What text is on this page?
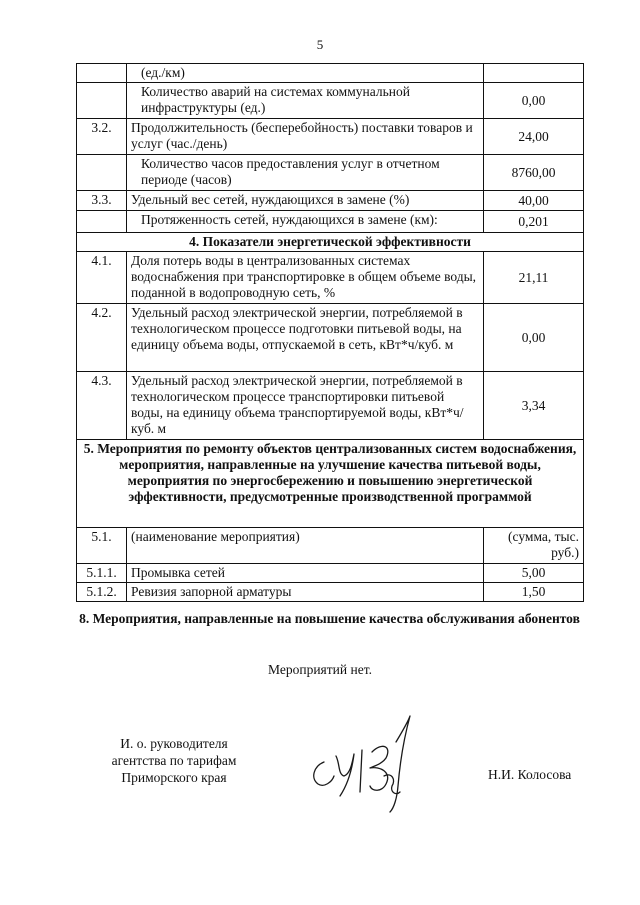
5
	(ед./км)	
	Количество аварий на системах коммунальной инфраструктуры (ед.)	0,00
3.2.	Продолжительность (бесперебойность) поставки товаров и услуг (час./день)	24,00
	Количество часов предоставления услуг в отчетном периоде (часов)	8760,00
3.3.	Удельный вес сетей, нуждающихся в замене (%)	40,00
	Протяженность сетей, нуждающихся в замене (км):	0,201
4. Показатели энергетической эффективности		
4.1.	Доля потерь воды в централизованных системах водоснабжения при транспортировке в общем объеме воды, поданной в водопроводную сеть, %	21,11
4.2.	Удельный расход электрической энергии, потребляемой в технологическом процессе подготовки питьевой воды, на единицу объема воды, отпускаемой в сеть, кВт*ч/куб. м	0,00
4.3.	Удельный расход электрической энергии, потребляемой в технологическом процессе транспортировки питьевой воды, на единицу объема транспортируемой воды, кВт*ч/куб. м	3,34
5. Мероприятия по ремонту объектов централизованных систем водоснабжения, мероприятия, направленные на улучшение качества питьевой воды, мероприятия по энергосбережению и повышению энергетической эффективности, предусмотренные производственной программой		
5.1.	(наименование мероприятия)	(сумма, тыс. руб.)
5.1.1.	Промывка сетей	5,00
5.1.2.	Ревизия запорной арматуры	1,50
8. Мероприятия, направленные на повышение качества обслуживания абонентов
Мероприятий нет.
И. о. руководителя
агентства по тарифам
Приморского края	Н.И. Колосова
